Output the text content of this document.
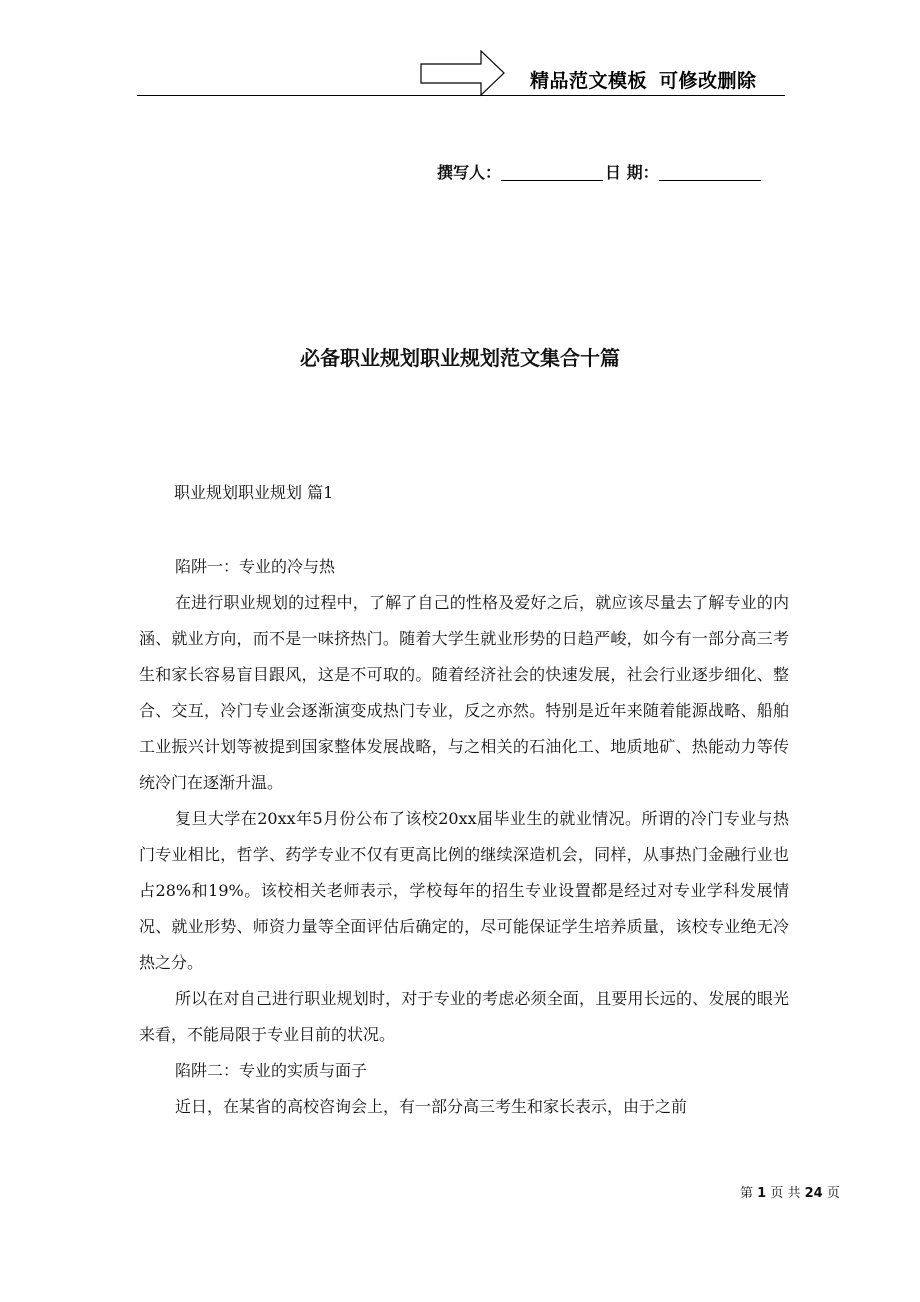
精品范文模板 可修改删除
撰写人：	日 期：
必备职业规划职业规划范文集合十篇
职业规划职业规划 篇1

陷阱一：专业的冷与热

在进行职业规划的过程中，了解了自己的性格及爱好之后，就应该尽量去了解专业的内涵、就业方向，而不是一味挤热门。随着大学生就业形势的日趋严峻，如今有一部分高三考生和家长容易盲目跟风，这是不可取的。随着经济社会的快速发展，社会行业逐步细化、整合、交互，冷门专业会逐渐演变成热门专业，反之亦然。特别是近年来随着能源战略、船舶工业振兴计划等被提到国家整体发展战略，与之相关的石油化工、地质地矿、热能动力等传统冷门在逐渐升温。

复旦大学在20xx年5月份公布了该校20xx届毕业生的就业情况。所谓的冷门专业与热门专业相比，哲学、药学专业不仅有更高比例的继续深造机会，同样，从事热门金融行业也占28%和19%。该校相关老师表示，学校每年的招生专业设置都是经过对专业学科发展情况、就业形势、师资力量等全面评估后确定的，尽可能保证学生培养质量，该校专业绝无冷热之分。

所以在对自己进行职业规划时，对于专业的考虑必须全面，且要用长远的、发展的眼光来看，不能局限于专业目前的状况。

陷阱二：专业的实质与面子

近日，在某省的高校咨询会上，有一部分高三考生和家长表示，由于之前

第 1 页 共 24 页
